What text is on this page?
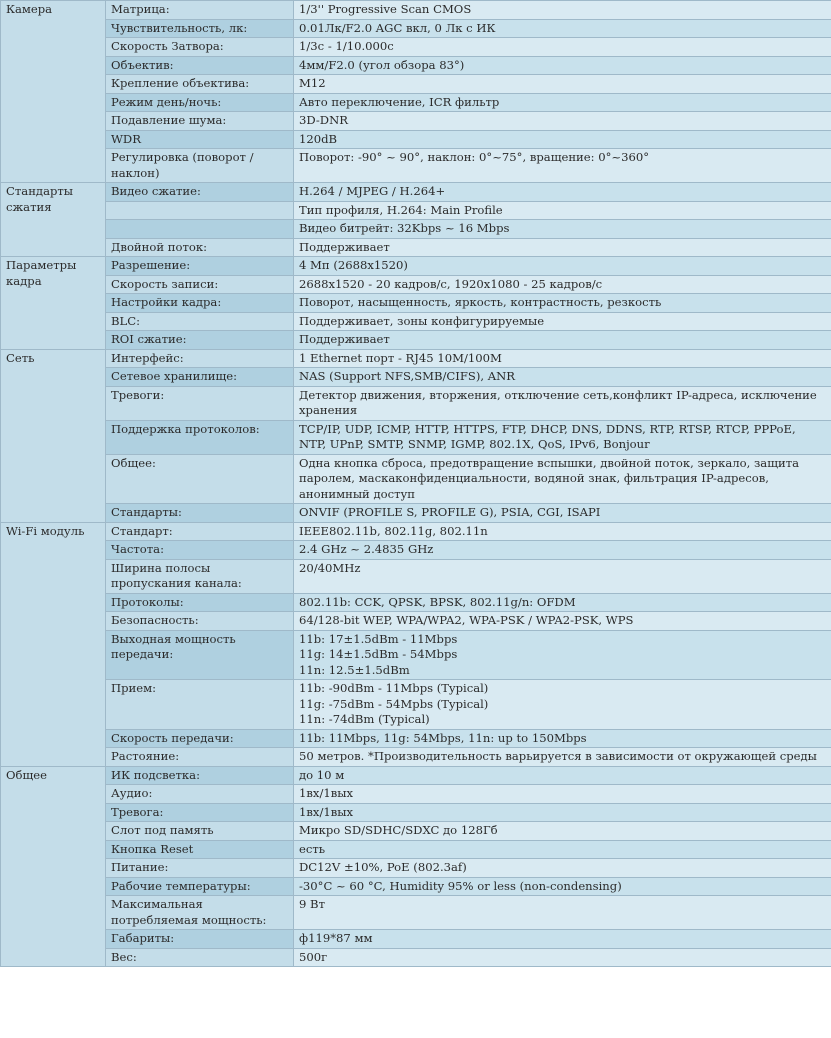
Камера	Матрица:	1/3'' Progressive Scan CMOS
	Чувствительность, лк:	0.01Лк/F2.0 AGC вкл, 0 Лк с ИК
	Скорость Затвора:	1/3с - 1/10.000с
	Объектив:	4мм/F2.0 (угол обзора 83°)
	Крепление объектива:	M12
	Режим день/ночь:	Авто переключение, ICR фильтр
	Подавление шума:	3D-DNR
	WDR	120dB
	Регулировка (поворот / наклон)	Поворот: -90° ~ 90°, наклон: 0°~75°, вращение: 0°~360°
Стандарты сжатия	Видео сжатие:	H.264 / MJPEG / H.264+
		Тип профиля, H.264: Main Profile
		Видео битрейт: 32Kbps ~ 16 Mbps
	Двойной поток:	Поддерживает
Параметры кадра	Разрешение:	4 Мп (2688х1520)
	Скорость записи:	2688х1520 - 20 кадров/с, 1920х1080 - 25 кадров/с
	Настройки кадра:	Поворот, насыщенность, яркость, контрастность, резкость
	BLC:	Поддерживает, зоны конфигурируемые
	ROI сжатие:	Поддерживает
Сеть	Интерфейс:	1 Ethernet порт - RJ45 10M/100M
	Сетевое хранилище:	NAS (Support NFS,SMB/CIFS), ANR
	Тревоги:	Детектор движения, вторжения, отключение сеть,конфликт IP-адреса, исключение хранения
	Поддержка протоколов:	TCP/IP, UDP, ICMP, HTTP, HTTPS, FTP, DHCP, DNS, DDNS, RTP, RTSP, RTCP, PPPoE, NTP, UPnP, SMTP, SNMP, IGMP, 802.1X, QoS, IPv6, Bonjour
	Общее:	Одна кнопка сброса, предотвращение вспышки, двойной поток, зеркало, защита паролем, маскаконфиденциальности, водяной знак, фильтрация IP-адресов, анонимный доступ
	Стандарты:	ONVIF (PROFILE S, PROFILE G), PSIA, CGI, ISAPI
Wi-Fi модуль	Стандарт:	IEEE802.11b, 802.11g, 802.11n
	Частота:	2.4 GHz ~ 2.4835 GHz
	Ширина полосы пропускания канала:	20/40MHz
	Протоколы:	802.11b: CCK, QPSK, BPSK, 802.11g/n: OFDM
	Безопасность:	64/128-bit WEP, WPA/WPA2, WPA-PSK / WPA2-PSK, WPS
	Выходная мощность передачи:	11b: 17±1.5dBm - 11Mbps
11g: 14±1.5dBm - 54Mbps
11n: 12.5±1.5dBm
	Прием:	11b: -90dBm - 11Mbps (Typical)
11g: -75dBm - 54Mpbs (Typical)
11n: -74dBm (Typical)
	Скорость передачи:	11b: 11Mbps, 11g: 54Mbps, 11n: up to 150Mbps
	Растояние:	50 метров. *Производительность варьируется в зависимости от окружающей среды
Общее	ИК подсветка:	до 10 м
	Аудио:	1вх/1вых
	Тревога:	1вх/1вых
	Слот под память	Микро SD/SDHC/SDXC до 128Гб
	Кнопка Reset	есть
	Питание:	DC12V ±10%, PoE (802.3af)
	Рабочие температуры:	-30°C ~ 60 °C, Humidity 95% or less (non-condensing)
	Максимальная потребляемая мощность:	9 Вт
	Габариты:	ф119*87 мм
	Вес:	500г
